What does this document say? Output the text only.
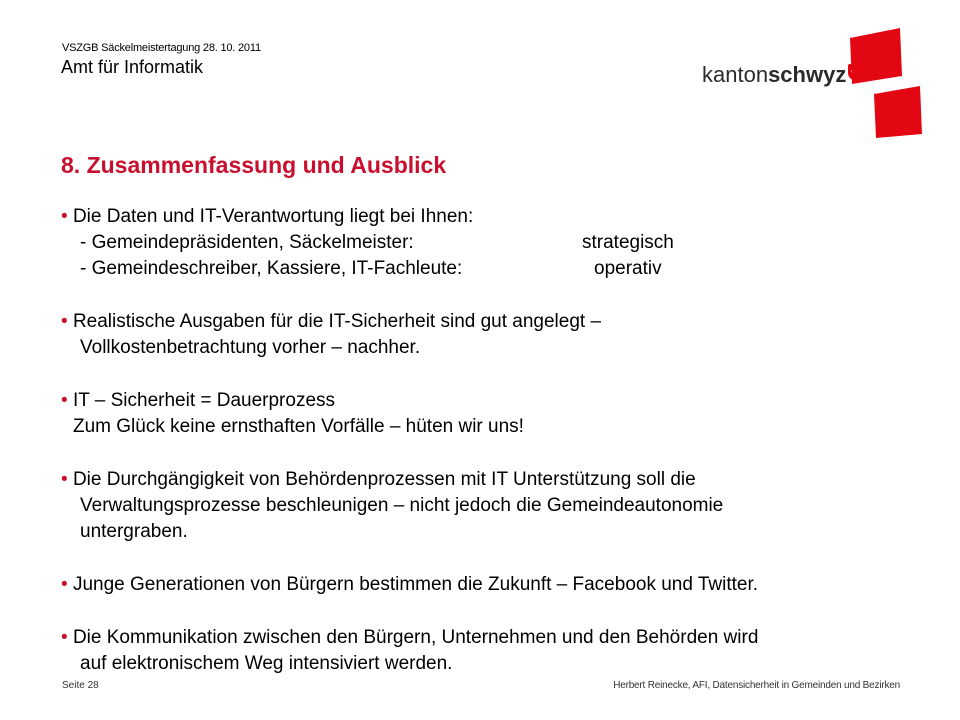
VSZGB Säckelmeistertagung 28. 10. 2011
Amt für Informatik	kantonschwyz
8. Zusammenfassung und Ausblick
• Die Daten und IT-Verantwortung liegt bei Ihnen:
- Gemeindepräsidenten, Säckelmeister:	strategisch
- Gemeindeschreiber, Kassiere, IT-Fachleute:	operativ
• Realistische Ausgaben für die IT-Sicherheit sind gut angelegt –
Vollkostenbetrachtung vorher – nachher.
• IT – Sicherheit = Dauerprozess
Zum Glück keine ernsthaften Vorfälle – hüten wir uns!
• Die Durchgängigkeit von Behördenprozessen mit IT Unterstützung soll die
Verwaltungsprozesse beschleunigen – nicht jedoch die Gemeindeautonomie
untergraben.
• Junge Generationen von Bürgern bestimmen die Zukunft – Facebook und Twitter.
• Die Kommunikation zwischen den Bürgern, Unternehmen und den Behörden wird
auf elektronischem Weg intensiviert werden.
Seite 28	Herbert Reinecke, AFI, Datensicherheit in Gemeinden und Bezirken
